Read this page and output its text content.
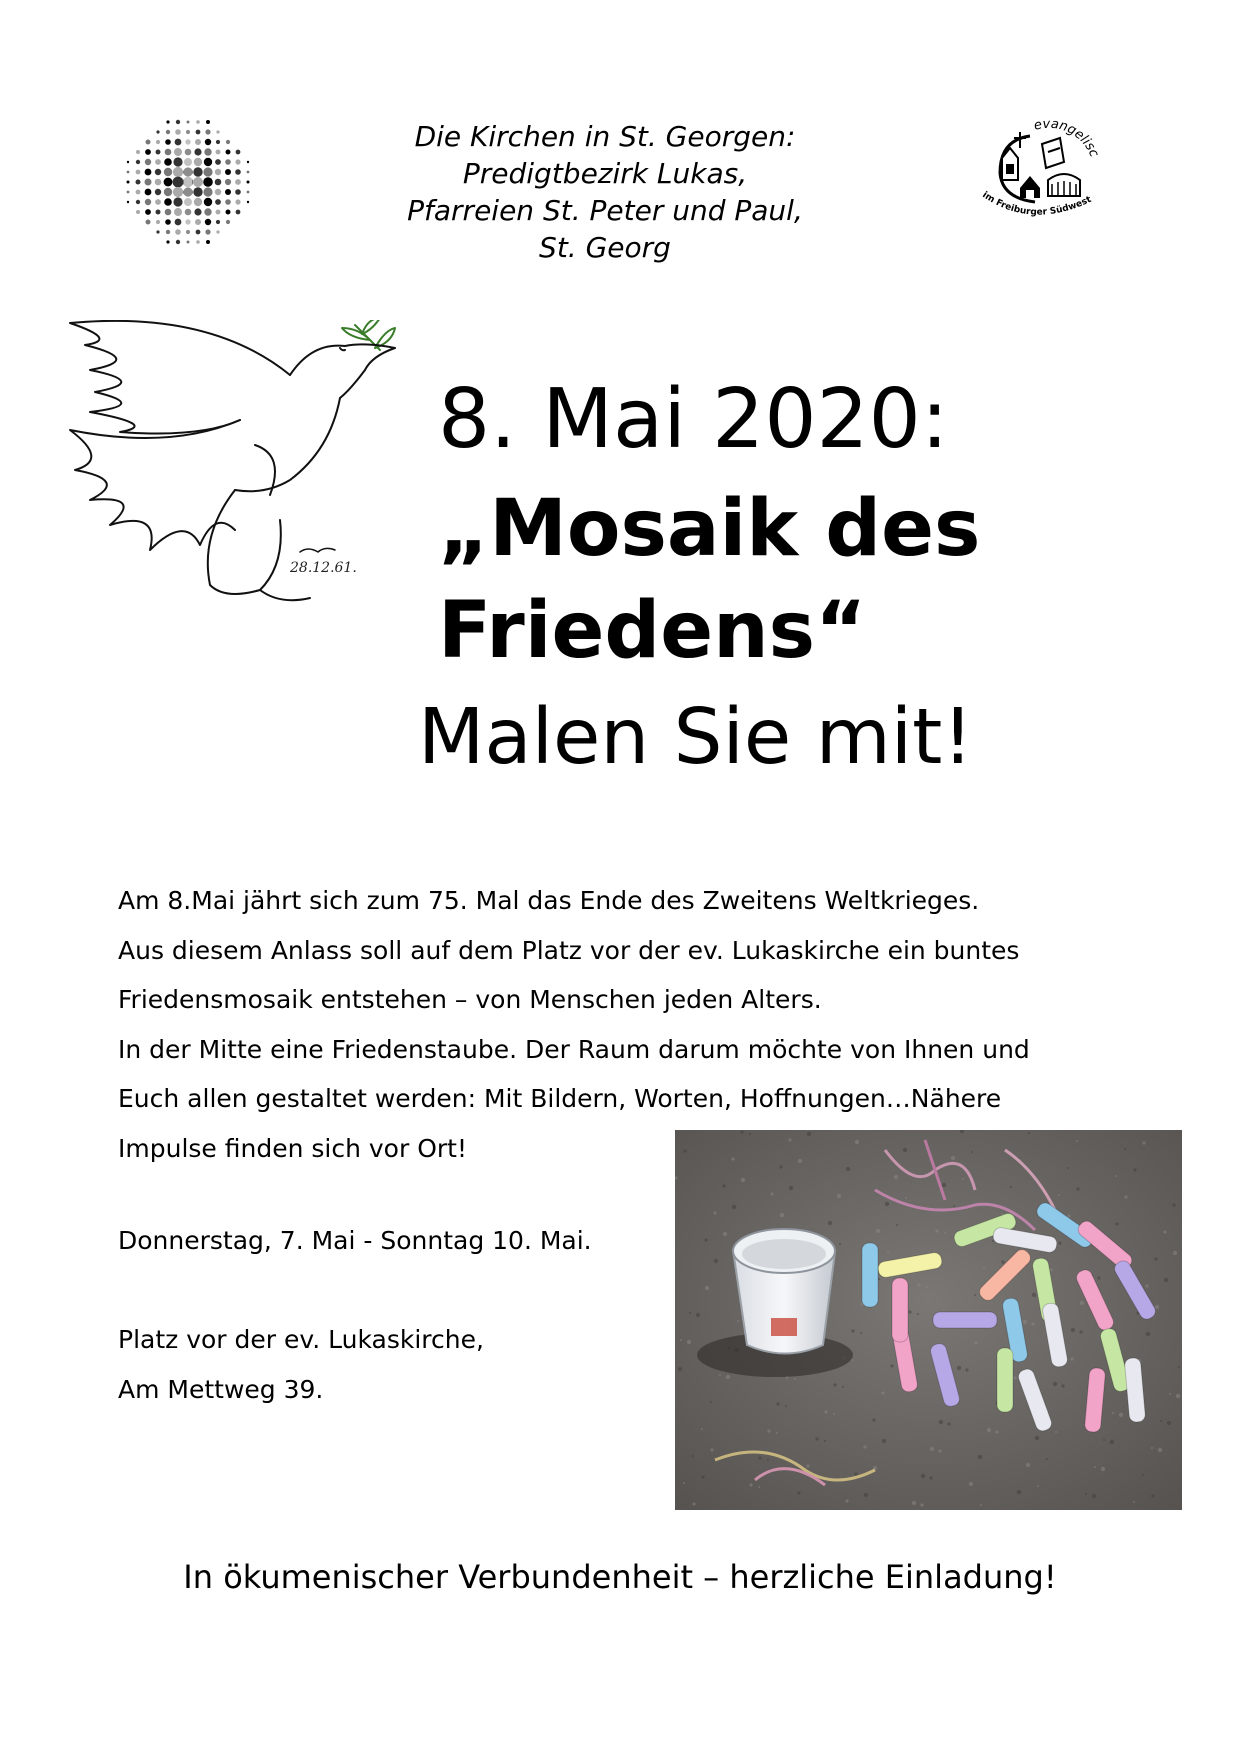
Die Kirchen in St. Georgen:
Predigtbezirk Lukas,
Pfarreien St. Peter und Paul,
St. Georg
evangelisc
im Freiburger Südwest
28.12.61.
8. Mai 2020:
„Mosaik des
Friedens“
Malen Sie mit!
Am 8.Mai jährt sich zum 75. Mal das Ende des Zweitens Weltkrieges.
Aus diesem Anlass soll auf dem Platz vor der ev. Lukaskirche ein buntes
Friedensmosaik entstehen – von Menschen jeden Alters.
In der Mitte eine Friedenstaube. Der Raum darum möchte von Ihnen und
Euch allen gestaltet werden: Mit Bildern, Worten, Hoffnungen…Nähere
Impulse finden sich vor Ort!
Donnerstag, 7. Mai - Sonntag 10. Mai.
Platz vor der ev. Lukaskirche,
Am Mettweg 39.
In ökumenischer Verbundenheit – herzliche Einladung!
